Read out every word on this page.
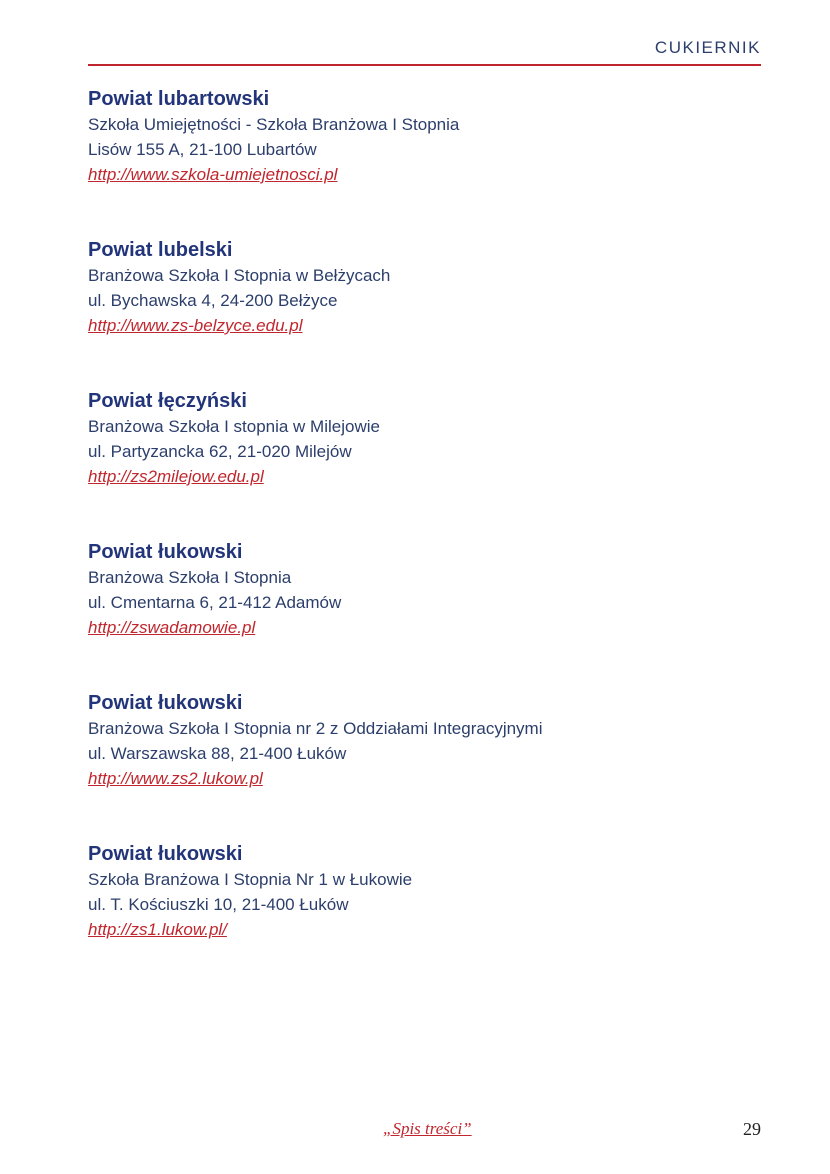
CUKIERNIK
Powiat lubartowski
Szkoła Umiejętności - Szkoła Branżowa I Stopnia
Lisów 155 A, 21-100 Lubartów
http://www.szkola-umiejetnosci.pl
Powiat lubelski
Branżowa Szkoła I Stopnia w Bełżycach
ul. Bychawska 4, 24-200 Bełżyce
http://www.zs-belzyce.edu.pl
Powiat łęczyński
Branżowa Szkoła I stopnia w Milejowie
ul. Partyzancka 62, 21-020 Milejów
http://zs2milejow.edu.pl
Powiat łukowski
Branżowa Szkoła I Stopnia
ul. Cmentarna 6, 21-412 Adamów
http://zswadamowie.pl
Powiat łukowski
Branżowa Szkoła I Stopnia nr 2 z Oddziałami Integracyjnymi
ul. Warszawska 88, 21-400 Łuków
http://www.zs2.lukow.pl
Powiat łukowski
Szkoła Branżowa I Stopnia Nr 1 w Łukowie
ul. T. Kościuszki 10, 21-400 Łuków
http://zs1.lukow.pl/
„Spis treści”	29
